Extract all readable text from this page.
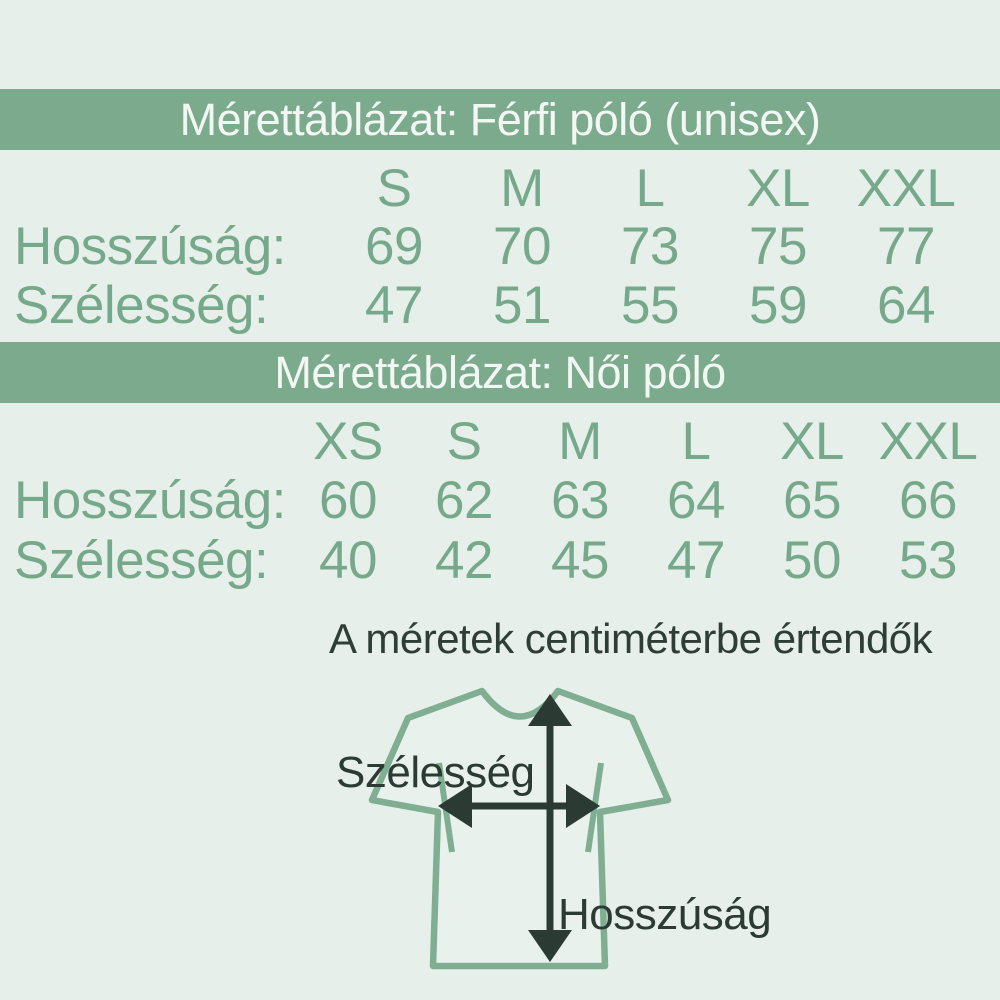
Mérettáblázat: Férfi póló (unisex)
S	M	L	XL XXL
Hosszúság:	69	70	73	75	77
Szélesség:	47	51	55	59	64
Mérettáblázat: Női póló
XS	S	M	L	XL XXL
Hosszúság: 60	62	63	64	65	66
Szélesség: 40	42	45	47	50	53
A méretek centiméterbe értendők
Szélesség
Hosszúság
